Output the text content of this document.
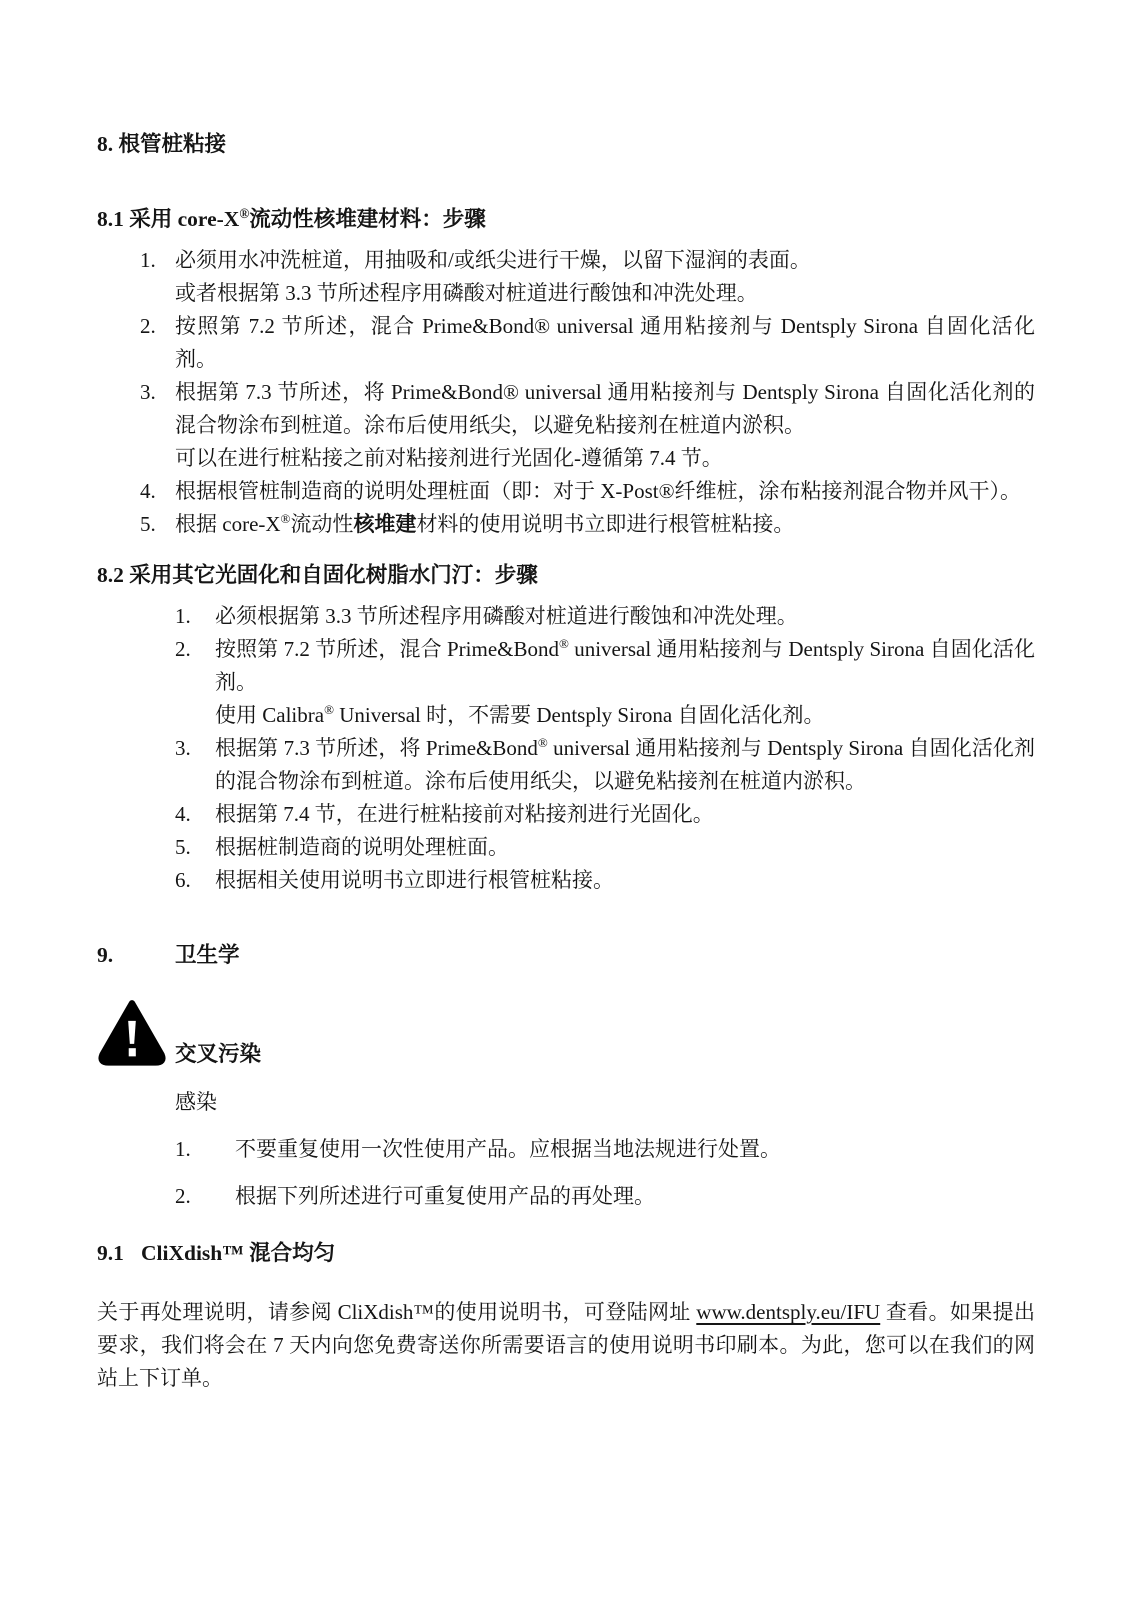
8. 根管桩粘接
8.1 采用 core-X®流动性核堆建材料：步骤
1. 必须用水冲洗桩道，用抽吸和/或纸尖进行干燥，以留下湿润的表面。
或者根据第 3.3 节所述程序用磷酸对桩道进行酸蚀和冲洗处理。
2. 按照第 7.2 节所述，混合 Prime&Bond® universal 通用粘接剂与 Dentsply Sirona 自固化活化剂。
3. 根据第 7.3 节所述，将 Prime&Bond® universal 通用粘接剂与 Dentsply Sirona 自固化活化剂的混合物涂布到桩道。涂布后使用纸尖，以避免粘接剂在桩道内淤积。
可以在进行桩粘接之前对粘接剂进行光固化-遵循第 7.4 节。
4. 根据根管桩制造商的说明处理桩面（即：对于 X-Post®纤维桩，涂布粘接剂混合物并风干）。
5. 根据 core-X®流动性核堆建材料的使用说明书立即进行根管桩粘接。
8.2 采用其它光固化和自固化树脂水门汀：步骤
1.	必须根据第 3.3 节所述程序用磷酸对桩道进行酸蚀和冲洗处理。
2.	按照第 7.2 节所述，混合 Prime&Bond® universal 通用粘接剂与 Dentsply Sirona 自固化活化剂。
使用 Calibra® Universal 时，不需要 Dentsply Sirona 自固化活化剂。
3.	根据第 7.3 节所述，将 Prime&Bond® universal 通用粘接剂与 Dentsply Sirona 自固化活化剂的混合物涂布到桩道。涂布后使用纸尖，以避免粘接剂在桩道内淤积。
4.	根据第 7.4 节，在进行桩粘接前对粘接剂进行光固化。
5.	根据桩制造商的说明处理桩面。
6.	根据相关使用说明书立即进行根管桩粘接。
9.	卫生学
交叉污染
感染
1.	不要重复使用一次性使用产品。应根据当地法规进行处置。
2.	根据下列所述进行可重复使用产品的再处理。
9.1 CliXdish™ 混合均匀
关于再处理说明，请参阅 CliXdish™的使用说明书，可登陆网址 www.dentsply.eu/IFU 查看。如果提出要求，我们将会在 7 天内向您免费寄送你所需要语言的使用说明书印刷本。为此，您可以在我们的网站上下订单。
